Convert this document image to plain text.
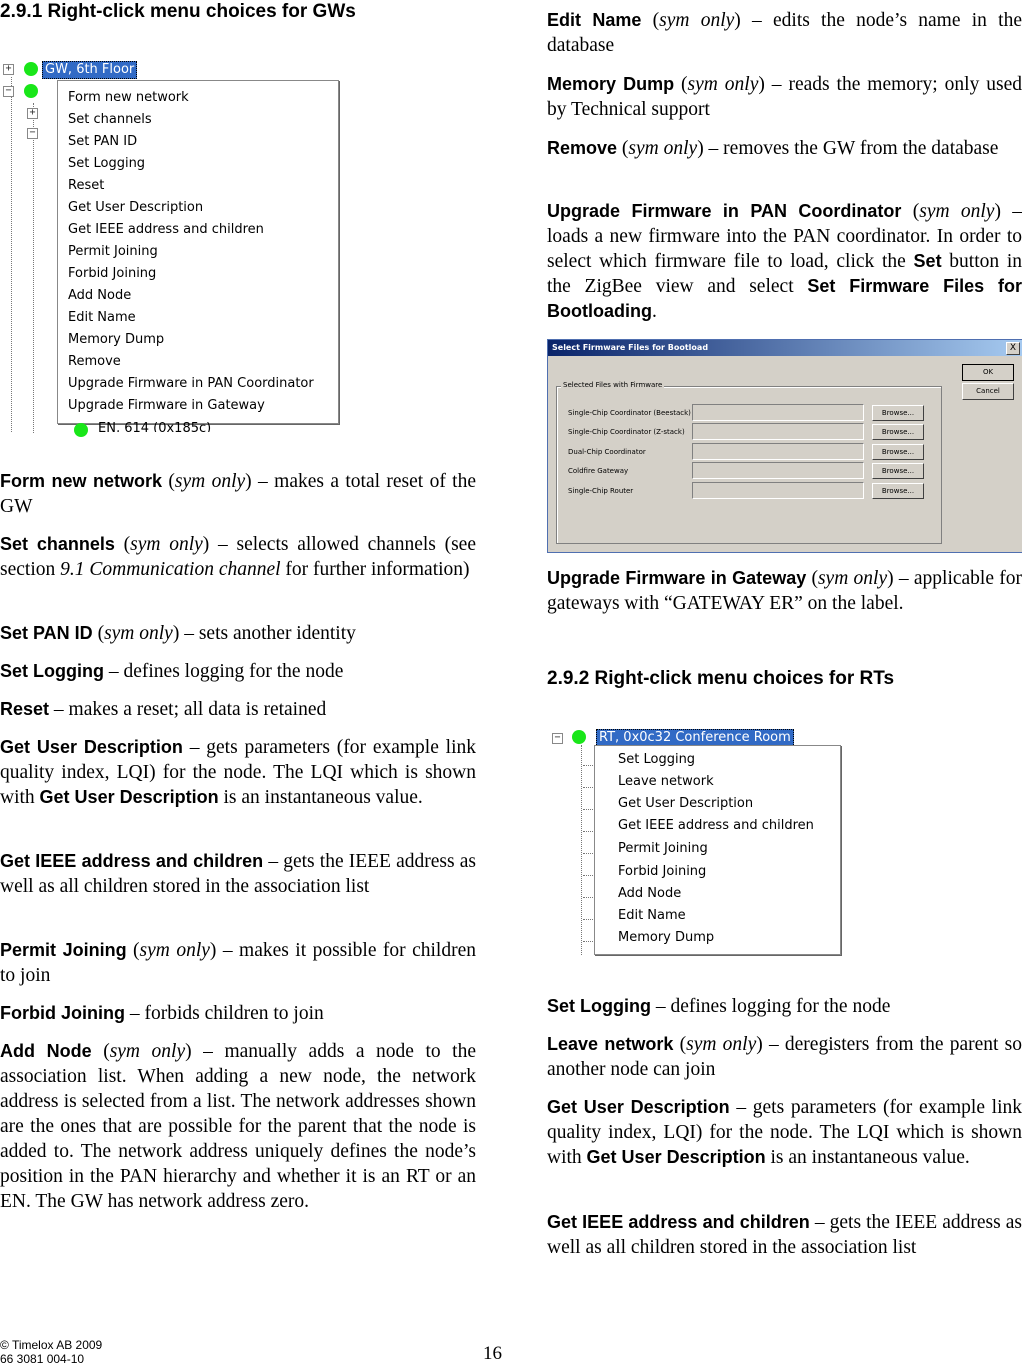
2.9.1 Right-click menu choices for GWs
+	GW, 6th Floor
−
+
−
Form new network
Set channels
Set PAN ID
Set Logging
Reset
Get User Description
Get IEEE address and children
Permit Joining
Forbid Joining
Add Node
Edit Name
Memory Dump
Remove
Upgrade Firmware in PAN Coordinator
Upgrade Firmware in Gateway
EN, 614 (0x185c)
Form new network (sym only) – makes a total reset of the GW
Set channels (sym only) – selects allowed channels (see section 9.1 Communication channel for further information)
Set PAN ID (sym only) – sets another identity
Set Logging – defines logging for the node
Reset – makes a reset; all data is retained
Get User Description – gets parameters (for example link quality index, LQI) for the node. The LQI which is shown with Get User Description is an instantaneous value.
Get IEEE address and children – gets the IEEE address as well as all children stored in the association list
Permit Joining (sym only) – makes it possible for children to join
Forbid Joining – forbids children to join
Add Node (sym only) – manually adds a node to the association list. When adding a new node, the network address is selected from a list. The network addresses shown are the ones that are possible for the parent that the node is added to. The network address uniquely defines the node’s position in the PAN hierarchy and whether it is an RT or an EN. The GW has network address zero.
Edit Name (sym only) – edits the node’s name in the database
Memory Dump (sym only) – reads the memory; only used by Technical support
Remove (sym only) – removes the GW from the database
Upgrade Firmware in PAN Coordinator (sym only) – loads a new firmware into the PAN coordinator. In order to select which firmware file to load, click the Set button in the ZigBee view and select Set Firmware Files for Bootloading.
Select Firmware Files for Bootload	X
Selected Files with Firmware
Single-Chip Coordinator (Beestack)	Browse...
Single-Chip Coordinator (Z-stack)	Browse...
Dual-Chip Coordinator	Browse...
Coldfire Gateway	Browse...
Single-Chip Router	Browse...
OK
Cancel
Upgrade Firmware in Gateway (sym only) – applicable for gateways with “GATEWAY ER” on the label.
2.9.2 Right-click menu choices for RTs
−	RT, 0x0c32 Conference Room
Set Logging
Leave network
Get User Description
Get IEEE address and children
Permit Joining
Forbid Joining
Add Node
Edit Name
Memory Dump
Set Logging – defines logging for the node
Leave network (sym only) – deregisters from the parent so another node can join
Get User Description – gets parameters (for example link quality index, LQI) for the node. The LQI which is shown with Get User Description is an instantaneous value.
Get IEEE address and children – gets the IEEE address as well as all children stored in the association list
© Timelox AB 2009
66 3081 004-10	16
